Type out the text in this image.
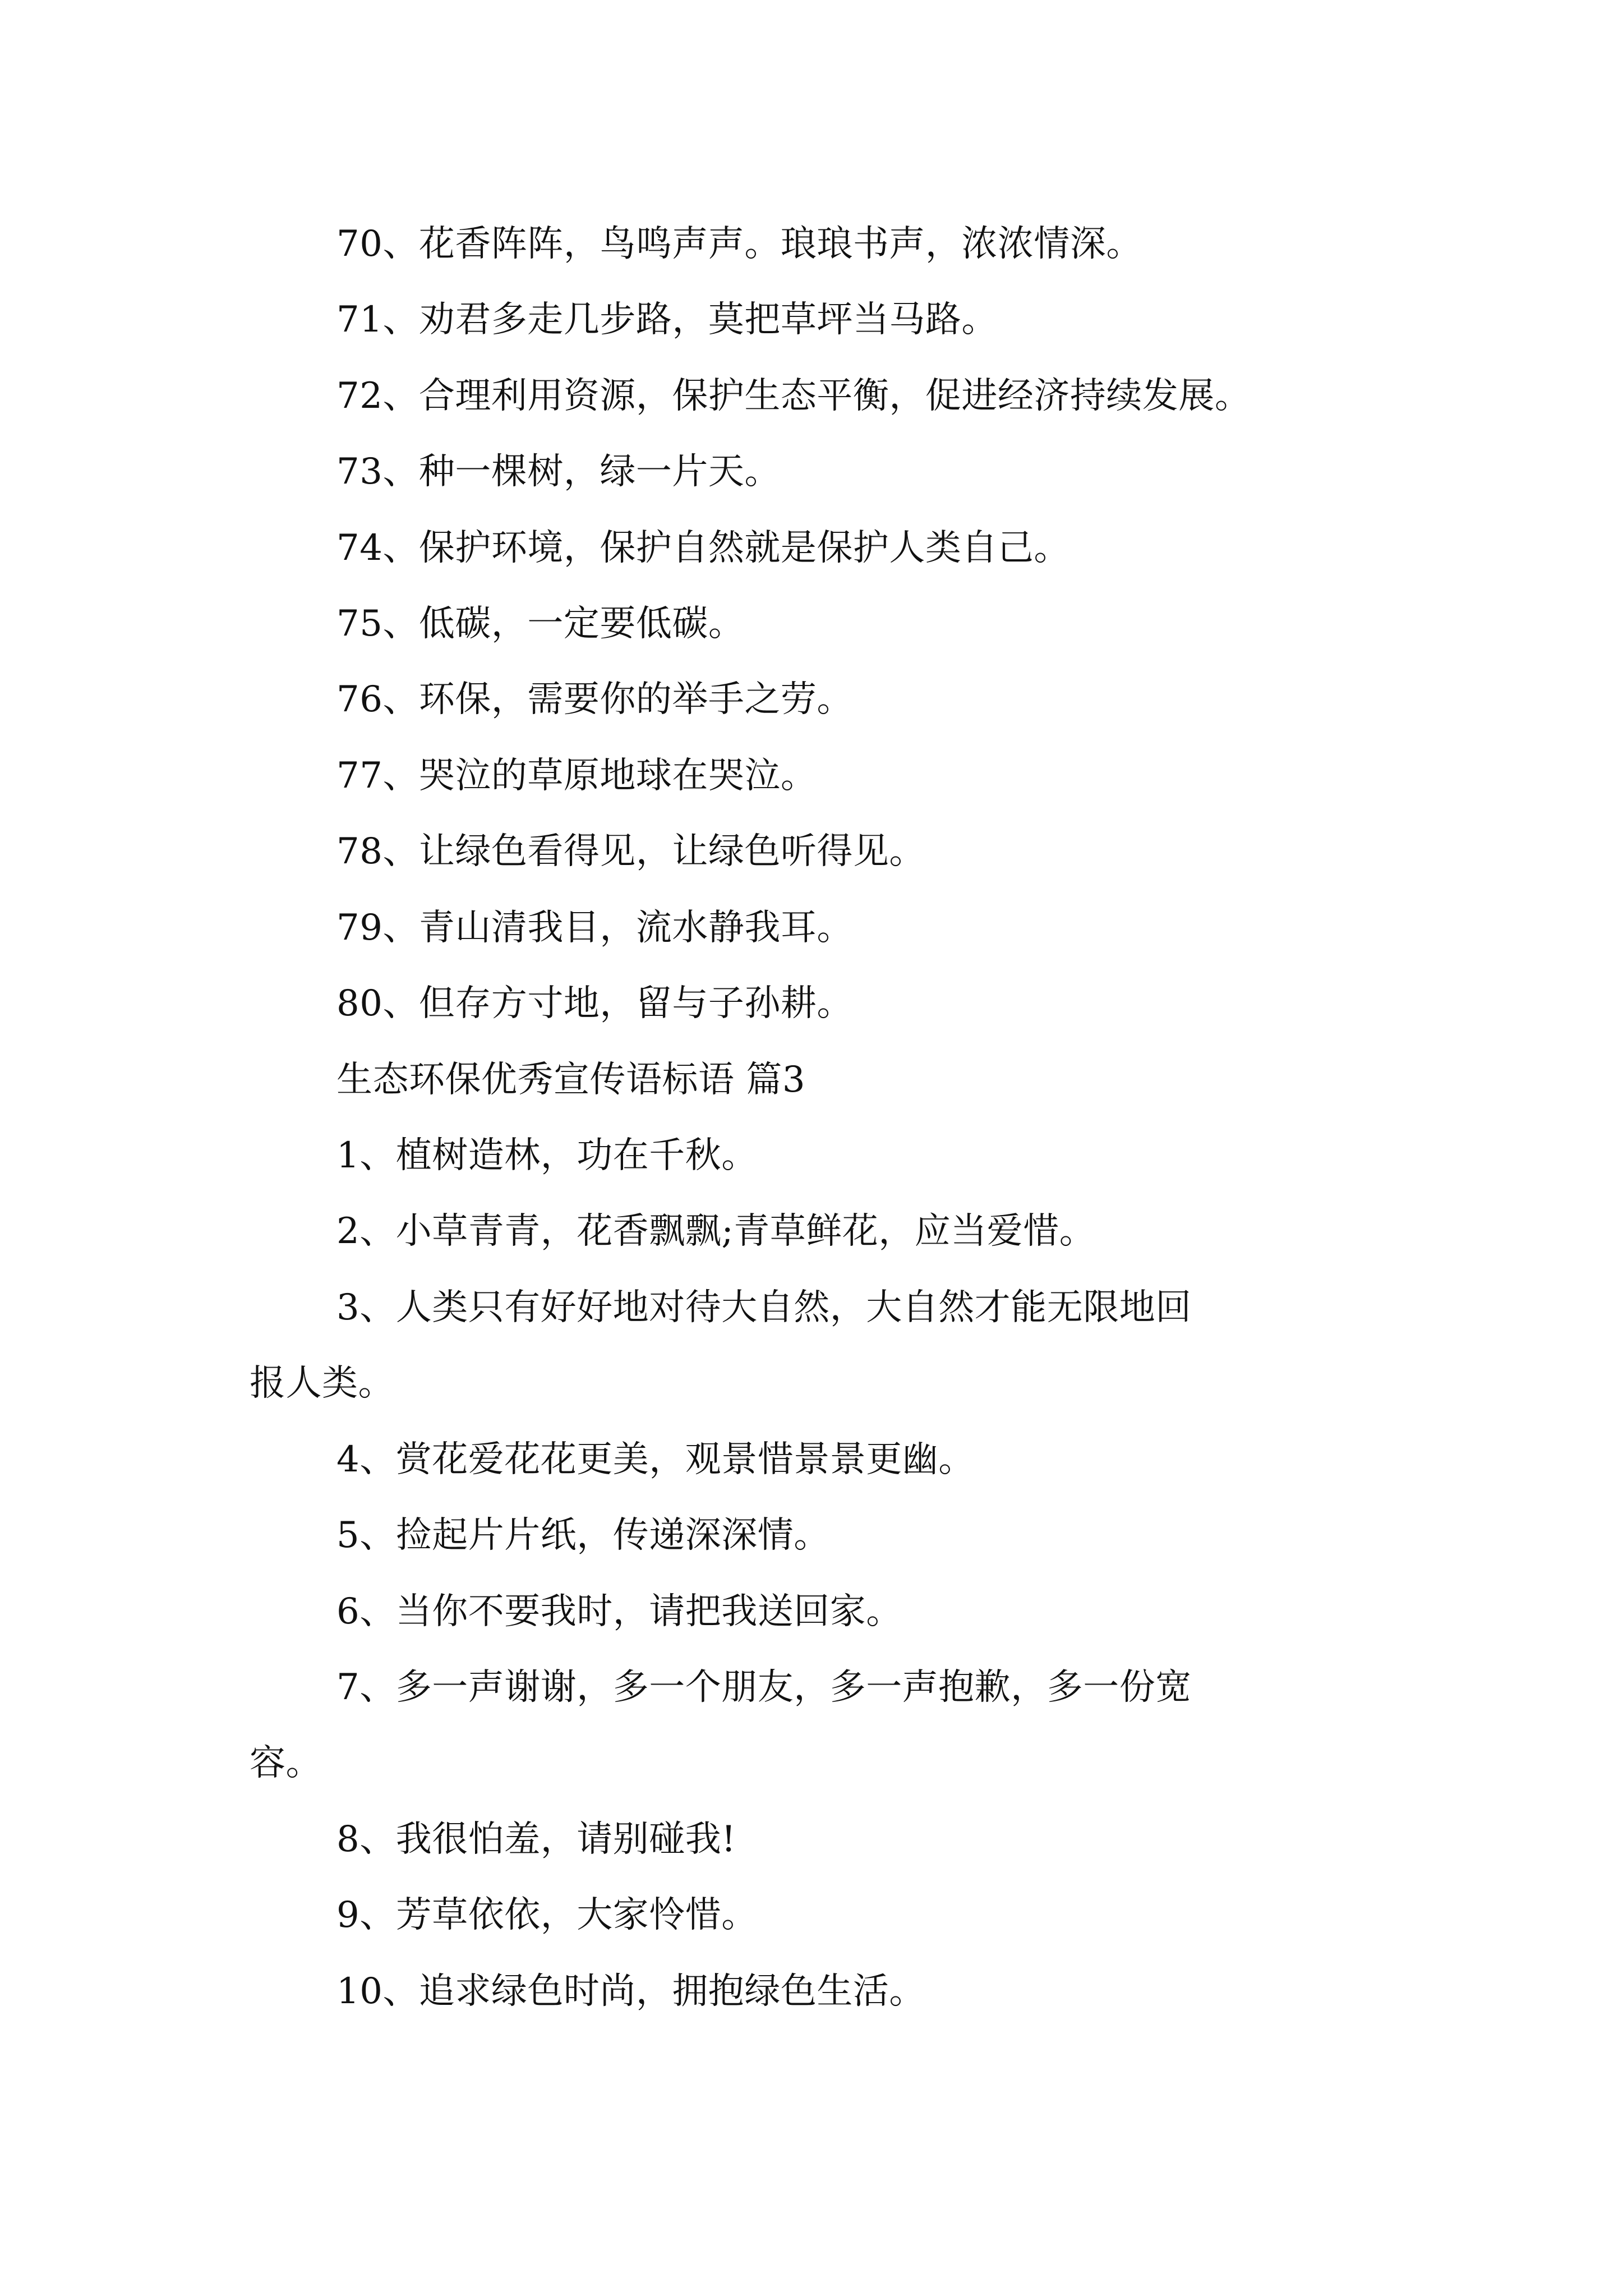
70、花香阵阵，鸟鸣声声。琅琅书声，浓浓情深。
71、劝君多走几步路，莫把草坪当马路。
72、合理利用资源，保护生态平衡，促进经济持续发展。
73、种一棵树，绿一片天。
74、保护环境，保护自然就是保护人类自己。
75、低碳，一定要低碳。
76、环保，需要你的举手之劳。
77、哭泣的草原地球在哭泣。
78、让绿色看得见，让绿色听得见。
79、青山清我目，流水静我耳。
80、但存方寸地，留与子孙耕。
生态环保优秀宣传语标语 篇3
1、植树造林，功在千秋。
2、小草青青，花香飘飘;青草鲜花，应当爱惜。
3、人类只有好好地对待大自然，大自然才能无限地回
报人类。
4、赏花爱花花更美，观景惜景景更幽。
5、捡起片片纸，传递深深情。
6、当你不要我时，请把我送回家。
7、多一声谢谢，多一个朋友，多一声抱歉，多一份宽
容。
8、我很怕羞，请别碰我!
9、芳草依依，大家怜惜。
10、追求绿色时尚，拥抱绿色生活。
